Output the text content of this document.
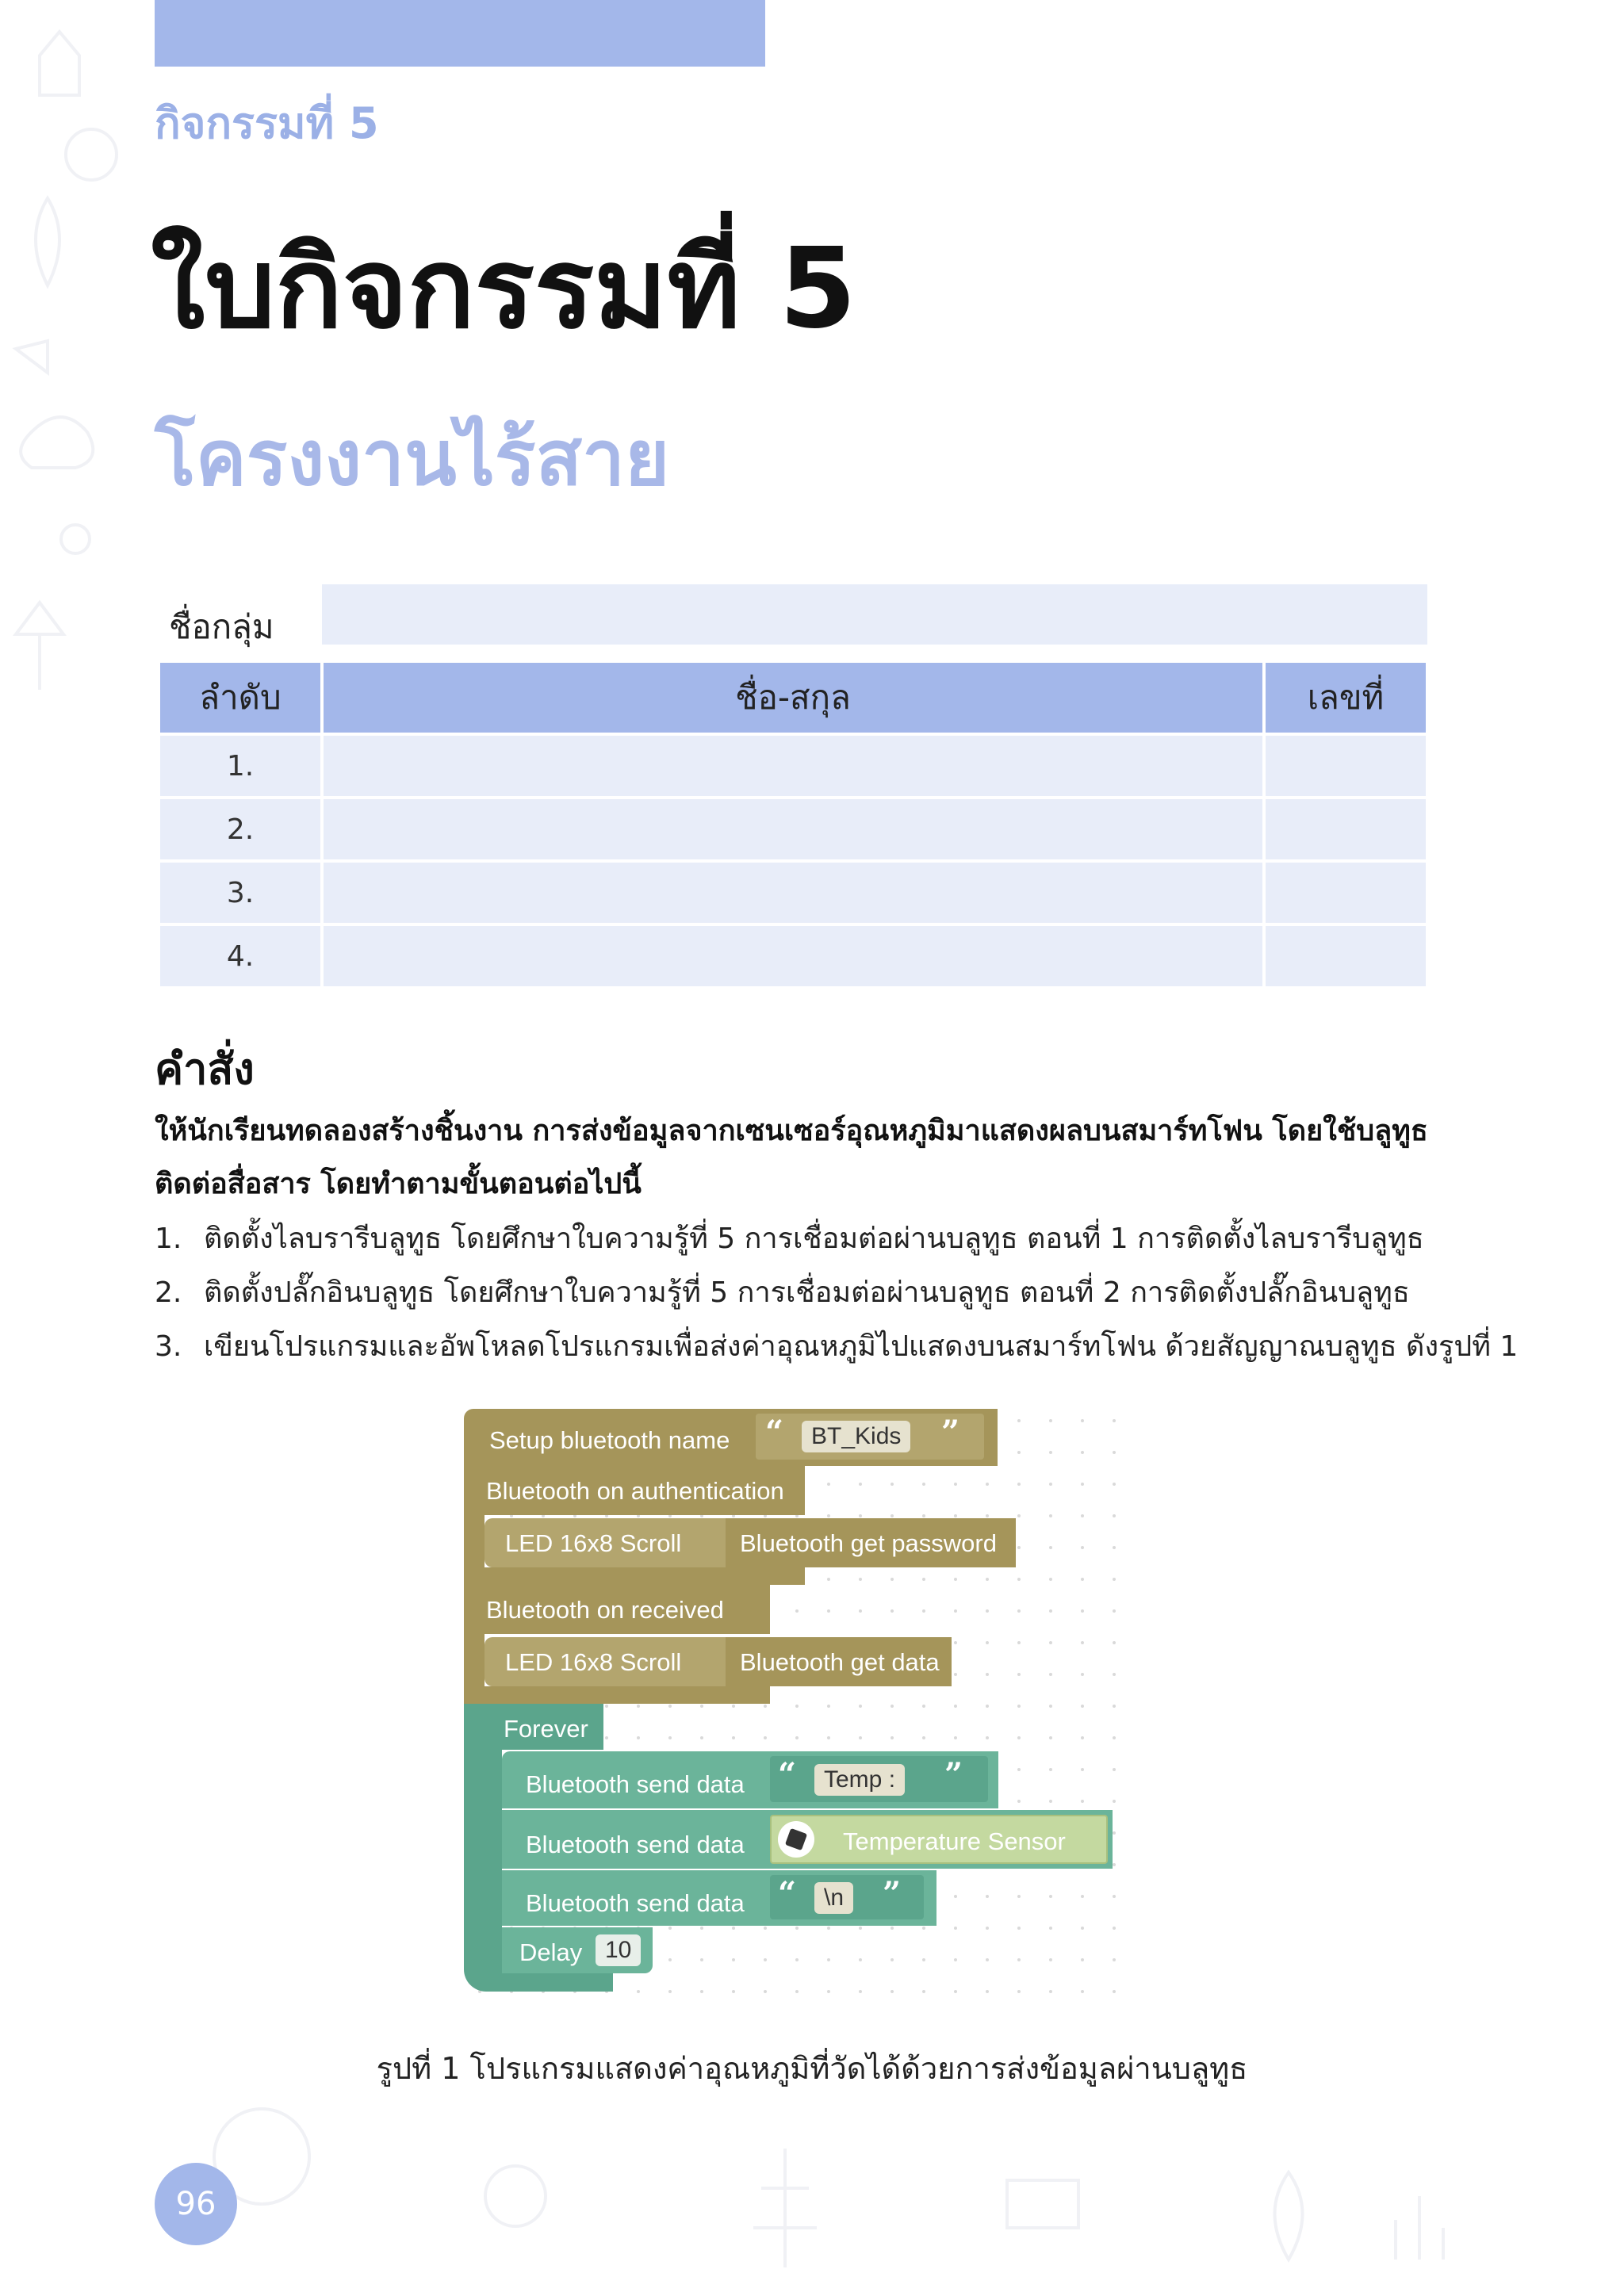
กิจกรรมที่ 5
ใบกิจกรรมที่ 5
โครงงานไร้สาย
ชื่อกลุ่ม
ลำดับ	ชื่อ-สกุล	เลขที่
1.		
2.		
3.		
4.		
คำสั่ง
ให้นักเรียนทดลองสร้างชิ้นงาน การส่งข้อมูลจากเซนเซอร์อุณหภูมิมาแสดงผลบนสมาร์ทโฟน โดยใช้บลูทูธติดต่อสื่อสาร โดยทำตามขั้นตอนต่อไปนี้
1. ติดตั้งไลบรารีบลูทูธ โดยศึกษาใบความรู้ที่ 5 การเชื่อมต่อผ่านบลูทูธ ตอนที่ 1 การติดตั้งไลบรารีบลูทูธ
2. ติดตั้งปลั๊กอินบลูทูธ โดยศึกษาใบความรู้ที่ 5 การเชื่อมต่อผ่านบลูทูธ ตอนที่ 2 การติดตั้งปลั๊กอินบลูทูธ
3. เขียนโปรแกรมและอัพโหลดโปรแกรมเพื่อส่งค่าอุณหภูมิไปแสดงบนสมาร์ทโฟน ด้วยสัญญาณบลูทูธ ดังรูปที่ 1
Setup bluetooth name “	BT_Kids	”
Bluetooth on authentication
LED 16x8 Scroll Bluetooth get password
Bluetooth on received
LED 16x8 Scroll Bluetooth get data
Forever
Bluetooth send data “	Temp :	”
Bluetooth send data	Temperature Sensor
Bluetooth send data “	\n	”
Delay 10
รูปที่ 1 โปรแกรมแสดงค่าอุณหภูมิที่วัดได้ด้วยการส่งข้อมูลผ่านบลูทูธ
96
